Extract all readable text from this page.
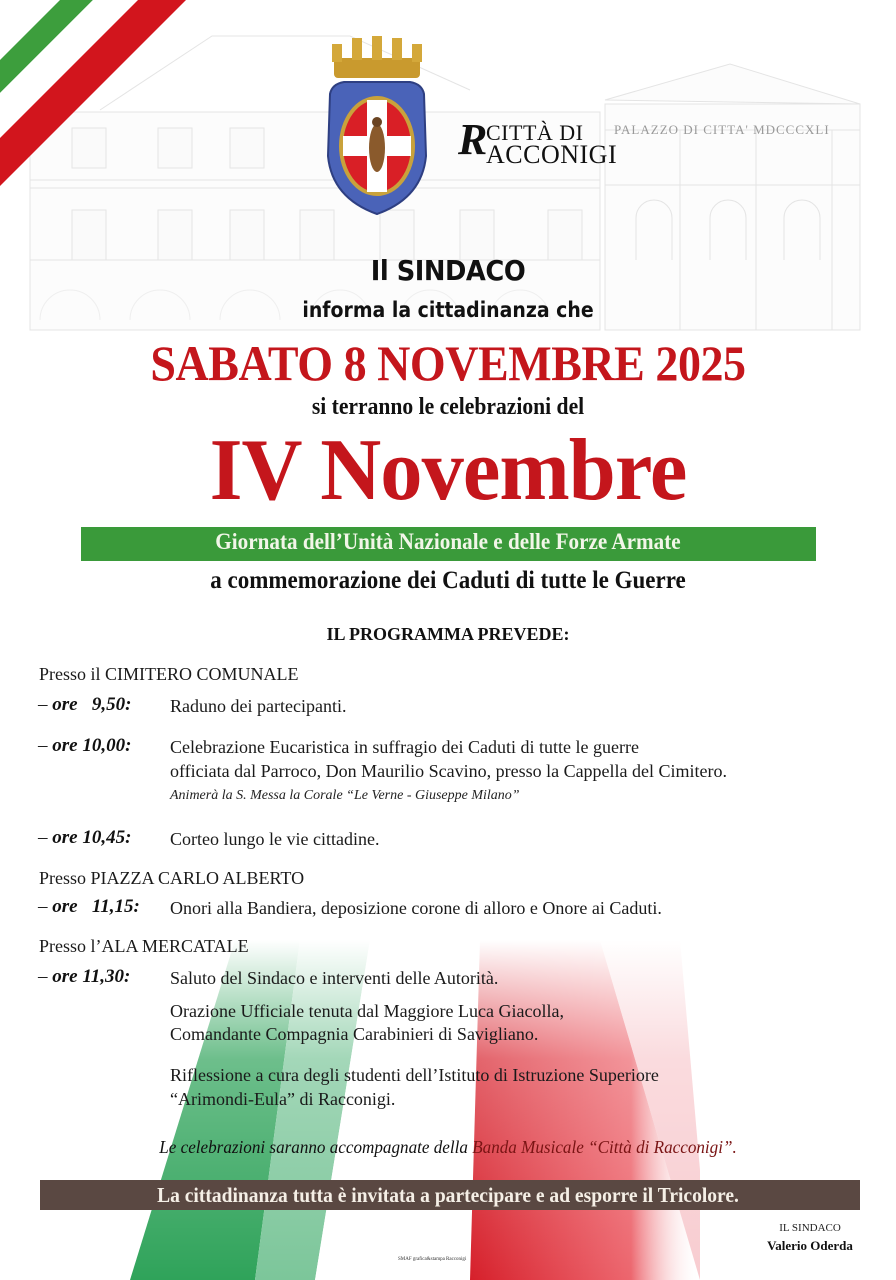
R
CITTÀ DI
ACCONIGI
PALAZZO DI CITTA' MDCCCXLI
Il SINDACO
informa la cittadinanza che
SABATO 8 NOVEMBRE 2025
si terranno le celebrazioni del
IV Novembre
Giornata dell’Unità Nazionale e delle Forze Armate
a commemorazione dei Caduti di tutte le Guerre
IL PROGRAMMA PREVEDE:
Presso il CIMITERO COMUNALE
– ore 9,50: Raduno dei partecipanti.
– ore 10,00: Celebrazione Eucaristica in suffragio dei Caduti di tutte le guerre
officiata dal Parroco, Don Maurilio Scavino, presso la Cappella del Cimitero.
Animerà la S. Messa la Corale “Le Verne - Giuseppe Milano”
– ore 10,45: Corteo lungo le vie cittadine.
Presso PIAZZA CARLO ALBERTO
– ore 11,15: Onori alla Bandiera, deposizione corone di alloro e Onore ai Caduti.
Presso l’ALA MERCATALE
– ore 11,30: Saluto del Sindaco e interventi delle Autorità.
Orazione Ufficiale tenuta dal Maggiore Luca Giacolla,
Comandante Compagnia Carabinieri di Savigliano.
Riflessione a cura degli studenti dell’Istituto di Istruzione Superiore
“Arimondi-Eula” di Racconigi.
Le celebrazioni saranno accompagnate della Banda Musicale “Città di Racconigi”.
La cittadinanza tutta è invitata a partecipare e ad esporre il Tricolore.
IL SINDACO
Valerio Oderda
SMAF grafica&stampa Racconigi
